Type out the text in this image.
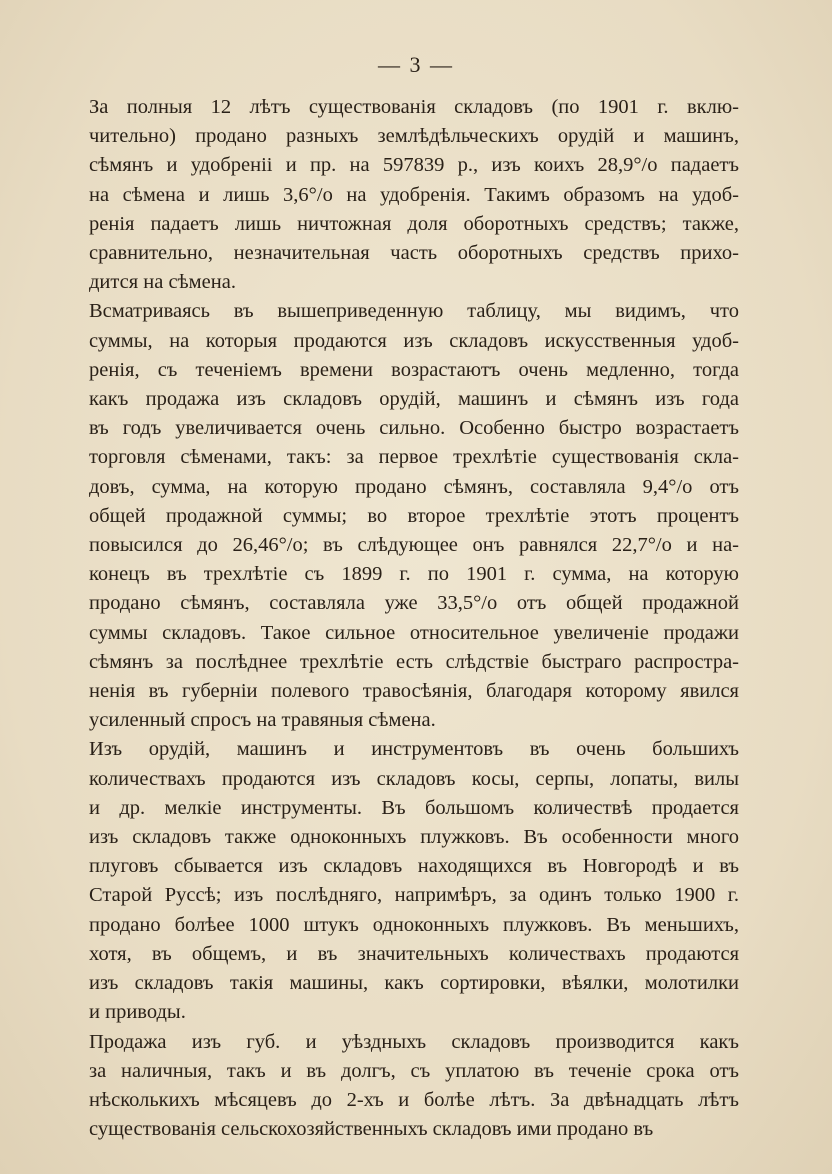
— 3 —
За полныя 12 лѣтъ существованія складовъ (по 1901 г. вклю-
чительно) продано разныхъ землѣдѣльческихъ орудій и машинъ,
сѣмянъ и удобреніі и пр. на 597839 р., изъ коихъ 28,9°/о падаетъ
на сѣмена и лишь 3,6°/о на удобренія. Такимъ образомъ на удоб-
ренія падаетъ лишь ничтожная доля оборотныхъ средствъ; также,
сравнительно, незначительная часть оборотныхъ средствъ прихо-
дится на сѣмена.
Всматриваясь въ вышеприведенную таблицу, мы видимъ, что
суммы, на которыя продаются изъ складовъ искусственныя удоб-
ренія, съ теченіемъ времени возрастаютъ очень медленно, тогда
какъ продажа изъ складовъ орудій, машинъ и сѣмянъ изъ года
въ годъ увеличивается очень сильно. Особенно быстро возрастаетъ
торговля сѣменами, такъ: за первое трехлѣтіе существованія скла-
довъ, сумма, на которую продано сѣмянъ, составляла 9,4°/о отъ
общей продажной суммы; во второе трехлѣтіе этотъ процентъ
повысился до 26,46°/о; въ слѣдующее онъ равнялся 22,7°/о и на-
конецъ въ трехлѣтіе съ 1899 г. по 1901 г. сумма, на которую
продано сѣмянъ, составляла уже 33,5°/о отъ общей продажной
суммы складовъ. Такое сильное относительное увеличеніе продажи
сѣмянъ за послѣднее трехлѣтіе есть слѣдствіе быстраго распростра-
ненія въ губерніи полевого травосѣянія, благодаря которому явился
усиленный спросъ на травяныя сѣмена.
Изъ орудій, машинъ и инструментовъ въ очень большихъ
количествахъ продаются изъ складовъ косы, серпы, лопаты, вилы
и др. мелкіе инструменты. Въ большомъ количествѣ продается
изъ складовъ также одноконныхъ плужковъ. Въ особенности много
плуговъ сбывается изъ складовъ находящихся въ Новгородѣ и въ
Старой Руссѣ; изъ послѣдняго, напримѣръ, за одинъ только 1900 г.
продано болѣее 1000 штукъ одноконныхъ плужковъ. Въ меньшихъ,
хотя, въ общемъ, и въ значительныхъ количествахъ продаются
изъ складовъ такія машины, какъ сортировки, вѣялки, молотилки
и приводы.
Продажа изъ губ. и уѣздныхъ складовъ производится какъ
за наличныя, такъ и въ долгъ, съ уплатою въ теченіе срока отъ
нѣсколькихъ мѣсяцевъ до 2-хъ и болѣе лѣтъ. За двѣнадцать лѣтъ
существованія сельскохозяйственныхъ складовъ ими продано въ
